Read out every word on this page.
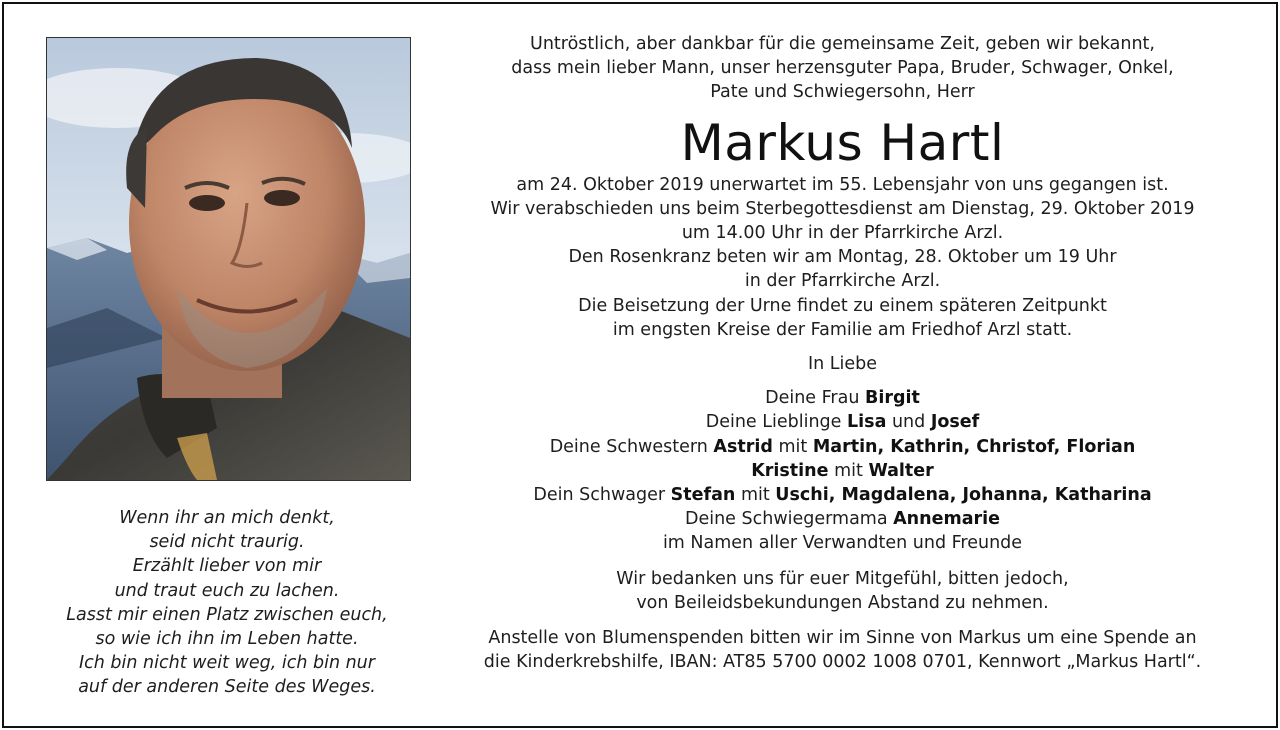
Wenn ihr an mich denkt,
seid nicht traurig.
Erzählt lieber von mir
und traut euch zu lachen.
Lasst mir einen Platz zwischen euch,
so wie ich ihn im Leben hatte.
Ich bin nicht weit weg, ich bin nur
auf der anderen Seite des Weges.
Untröstlich, aber dankbar für die gemeinsame Zeit, geben wir bekannt,
dass mein lieber Mann, unser herzensguter Papa, Bruder, Schwager, Onkel,
Pate und Schwiegersohn, Herr
Markus Hartl
am 24. Oktober 2019 unerwartet im 55. Lebensjahr von uns gegangen ist.
Wir verabschieden uns beim Sterbegottesdienst am Dienstag, 29. Oktober 2019
um 14.00 Uhr in der Pfarrkirche Arzl.
Den Rosenkranz beten wir am Montag, 28. Oktober um 19 Uhr
in der Pfarrkirche Arzl.
Die Beisetzung der Urne findet zu einem späteren Zeitpunkt
im engsten Kreise der Familie am Friedhof Arzl statt.
In Liebe
Deine Frau Birgit
Deine Lieblinge Lisa und Josef
Deine Schwestern Astrid mit Martin, Kathrin, Christof, Florian
Kristine mit Walter
Dein Schwager Stefan mit Uschi, Magdalena, Johanna, Katharina
Deine Schwiegermama Annemarie
im Namen aller Verwandten und Freunde
Wir bedanken uns für euer Mitgefühl, bitten jedoch,
von Beileidsbekundungen Abstand zu nehmen.
Anstelle von Blumenspenden bitten wir im Sinne von Markus um eine Spende an
die Kinderkrebshilfe, IBAN: AT85 5700 0002 1008 0701, Kennwort „Markus Hartl“.
